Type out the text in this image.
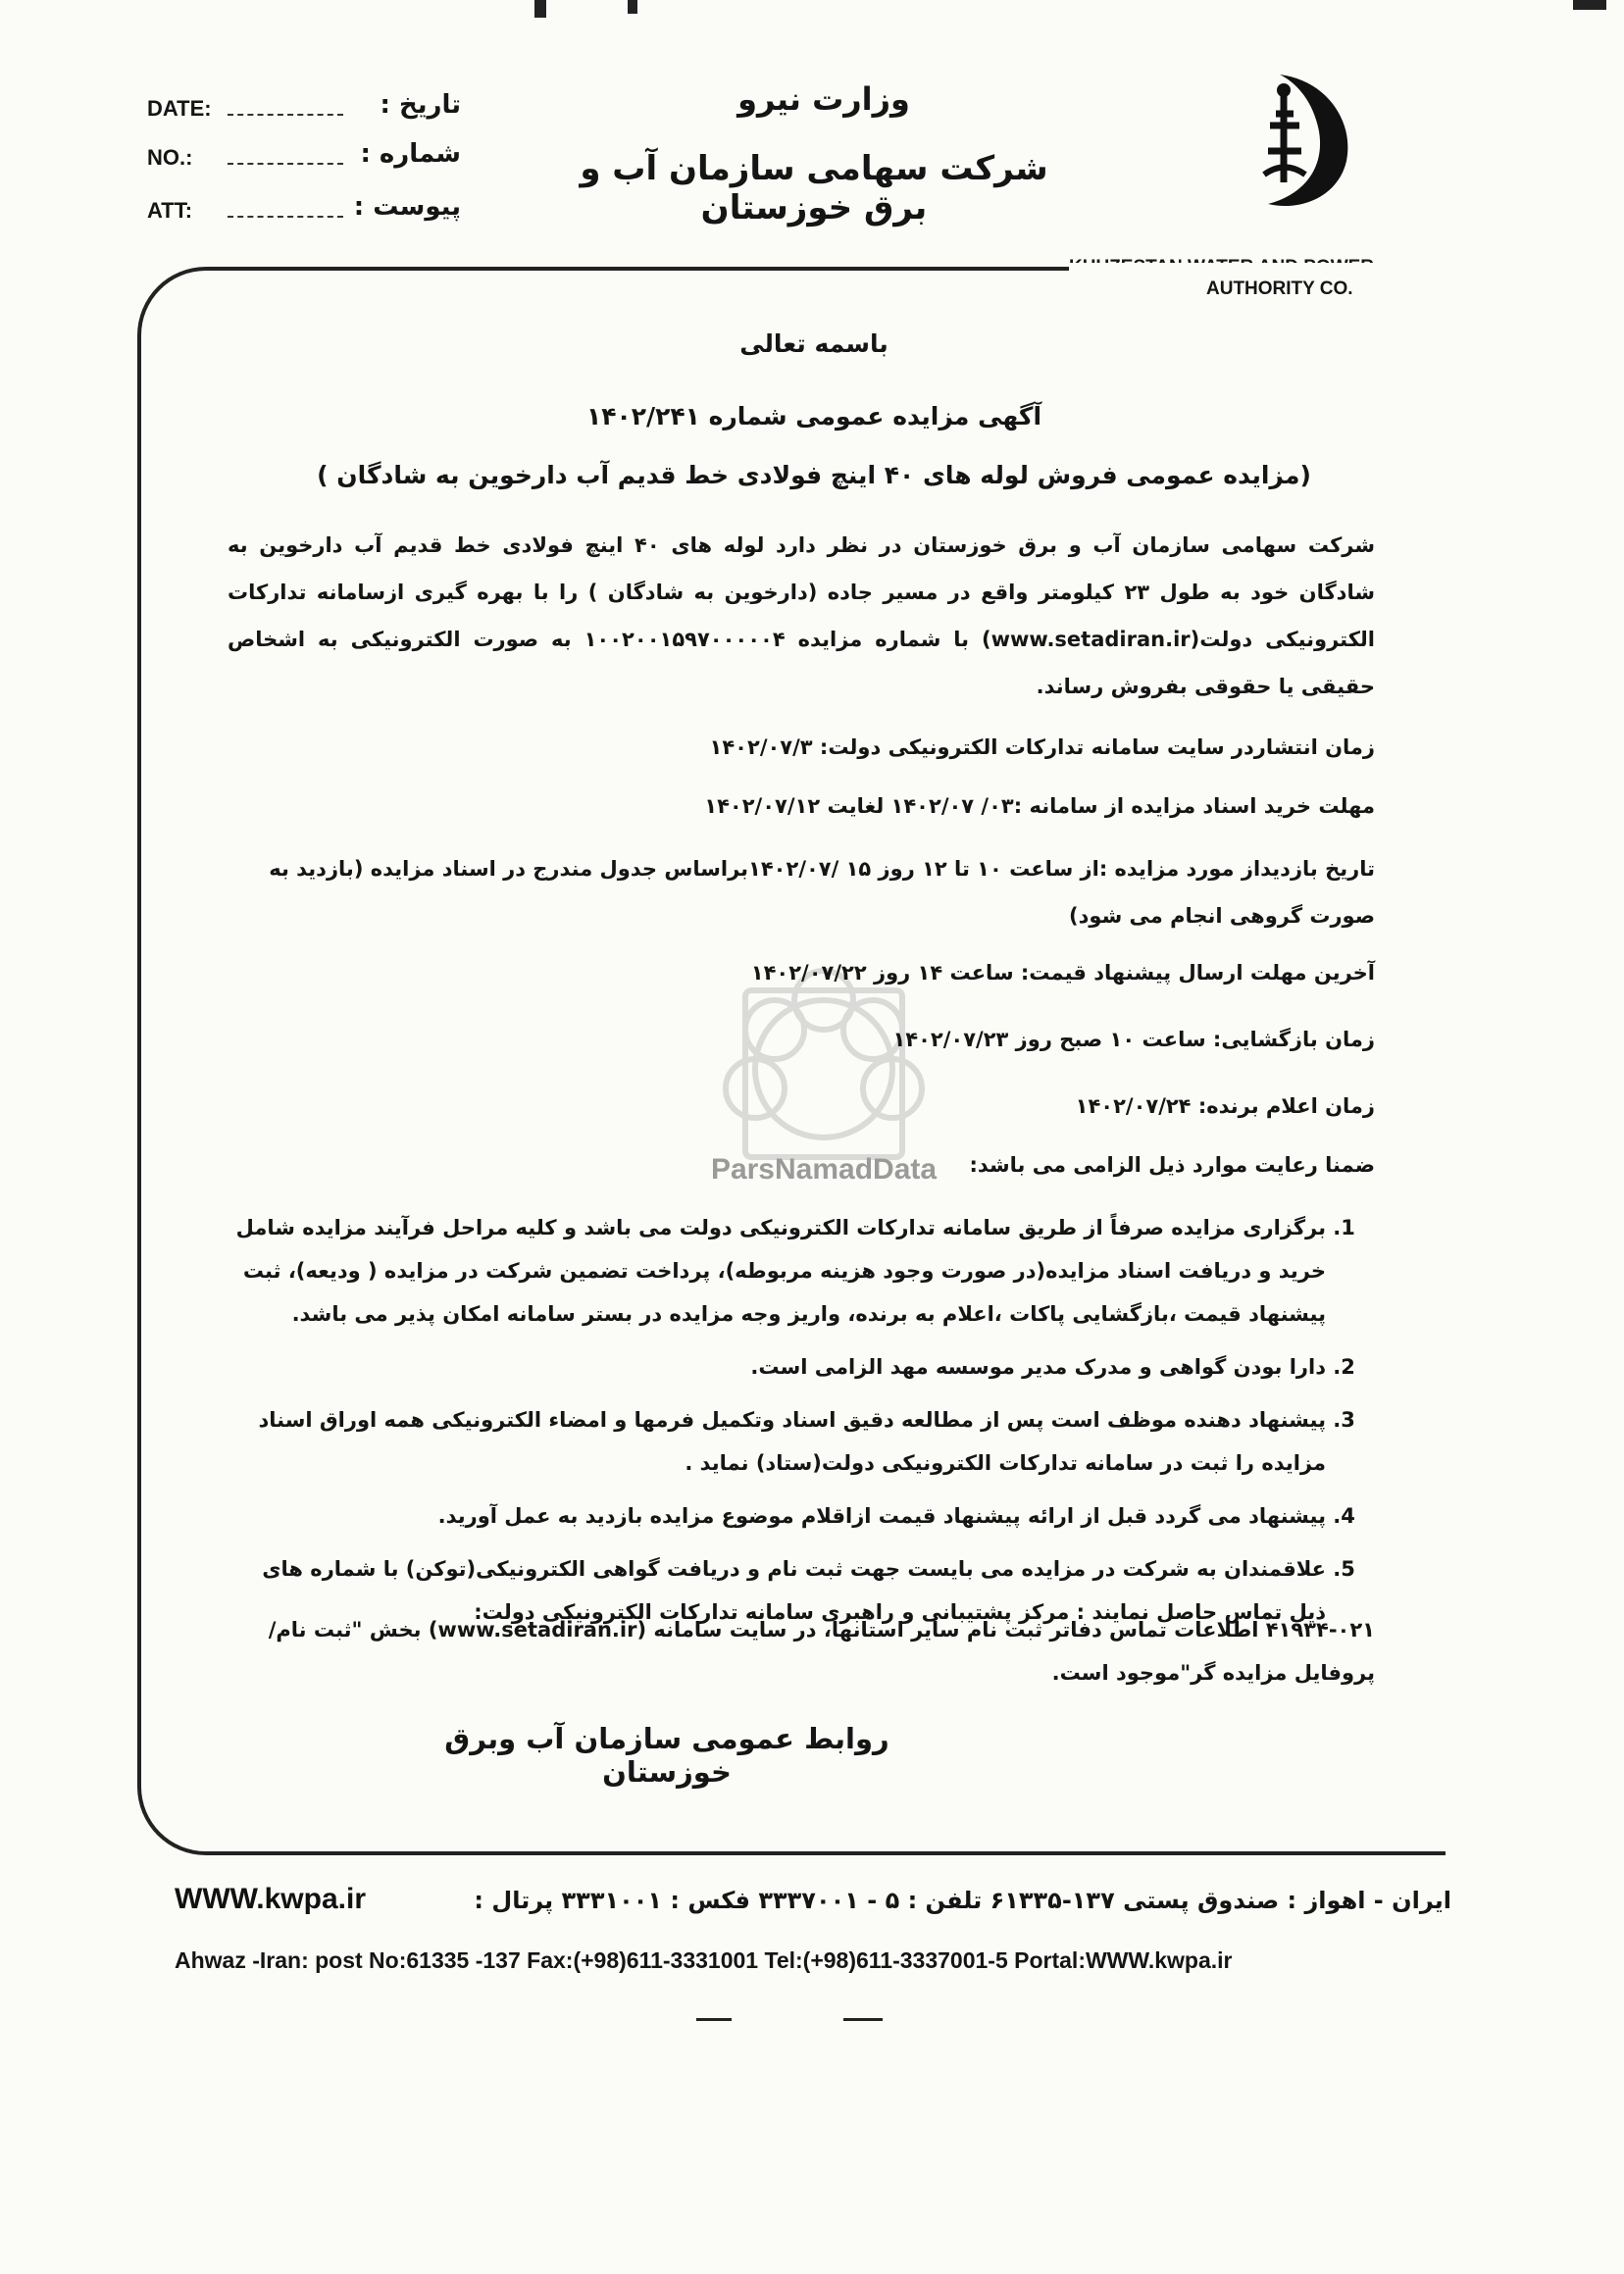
وزارت نیرو
شرکت سهامی سازمان آب و برق خوزستان
AUTHORITY CO.
DATE:	تاریخ :
NO.:	شماره :
ATT:	پیوست :
ParsNamadData
باسمه تعالی
آگهی مزایده عمومی شماره ۱۴۰۲/۲۴۱
(مزایده عمومی فروش لوله های ۴۰ اینچ فولادی خط قدیم آب دارخوین به شادگان )
شرکت سهامی سازمان آب و برق خوزستان در نظر دارد لوله های ۴۰ اینچ فولادی خط قدیم آب دارخوین به شادگان خود به طول ۲۳ کیلومتر واقع در مسیر جاده (دارخوین به شادگان ) را با بهره گیری ازسامانه تدارکات الکترونیکی دولت(www.setadiran.ir) با شماره مزایده ۱۰۰۲۰۰۱۵۹۷۰۰۰۰۰۴ به صورت الکترونیکی به اشخاص حقیقی یا حقوقی بفروش رساند.
زمان انتشاردر سایت سامانه تدارکات الکترونیکی دولت: ۱۴۰۲/۰۷/۳
مهلت خرید اسناد مزایده از سامانه :۰۳/ ۱۴۰۲/۰۷ لغایت ۱۴۰۲/۰۷/۱۲
تاریخ بازدیداز مورد مزایده :از ساعت ۱۰ تا ۱۲ روز ۱۵ /۱۴۰۲/۰۷براساس جدول مندرج در اسناد مزایده (بازدید به صورت گروهی انجام می شود)
آخرین مهلت ارسال پیشنهاد قیمت: ساعت ۱۴ روز ۱۴۰۲/۰۷/۲۲
زمان بازگشایی: ساعت ۱۰ صبح روز ۱۴۰۲/۰۷/۲۳
زمان اعلام برنده: ۱۴۰۲/۰۷/۲۴
ضمنا رعایت موارد ذیل الزامی می باشد:
1. برگزاری مزایده صرفاً از طریق سامانه تدارکات الکترونیکی دولت می باشد و کلیه مراحل فرآیند مزایده شامل خرید و دریافت اسناد مزایده(در صورت وجود هزینه مربوطه)، پرداخت تضمین شرکت در مزایده ( ودیعه)، ثبت پیشنهاد قیمت ،بازگشایی پاکات ،اعلام به برنده، واریز وجه مزایده در بستر سامانه امکان پذیر می باشد.
2. دارا بودن گواهی و مدرک مدیر موسسه مهد الزامی است.
3. پیشنهاد دهنده موظف است پس از مطالعه دقیق اسناد وتکمیل فرمها و امضاء الکترونیکی همه اوراق اسناد مزایده را ثبت در سامانه تدارکات الکترونیکی دولت(ستاد) نماید .
4. پیشنهاد می گردد قبل از ارائه پیشنهاد قیمت ازاقلام موضوع مزایده بازدید به عمل آورید.
5. علاقمندان به شرکت در مزایده می بایست جهت ثبت نام و دریافت گواهی الکترونیکی(توکن) با شماره های ذیل تماس حاصل نمایند : مرکز پشتیبانی و راهبری سامانه تدارکات الکترونیکی دولت:
۴۱۹۳۴-۰۲۱ اطلاعات تماس دفاتر ثبت نام سایر استانها، در سایت سامانه (www.setadiran.ir) بخش "ثبت نام/پروفایل مزایده گر"موجود است.
روابط عمومی سازمان آب وبرق خوزستان
WWW.kwpa.ir	ایران - اهواز : صندوق پستی ۱۳۷-۶۱۳۳۵ تلفن : ۵ - ۳۳۳۷۰۰۱ فکس : ۳۳۳۱۰۰۱ پرتال :
Ahwaz -Iran: post No:61335 -137 Fax:(+98)611-3331001 Tel:(+98)611-3337001-5 Portal:WWW.kwpa.ir
